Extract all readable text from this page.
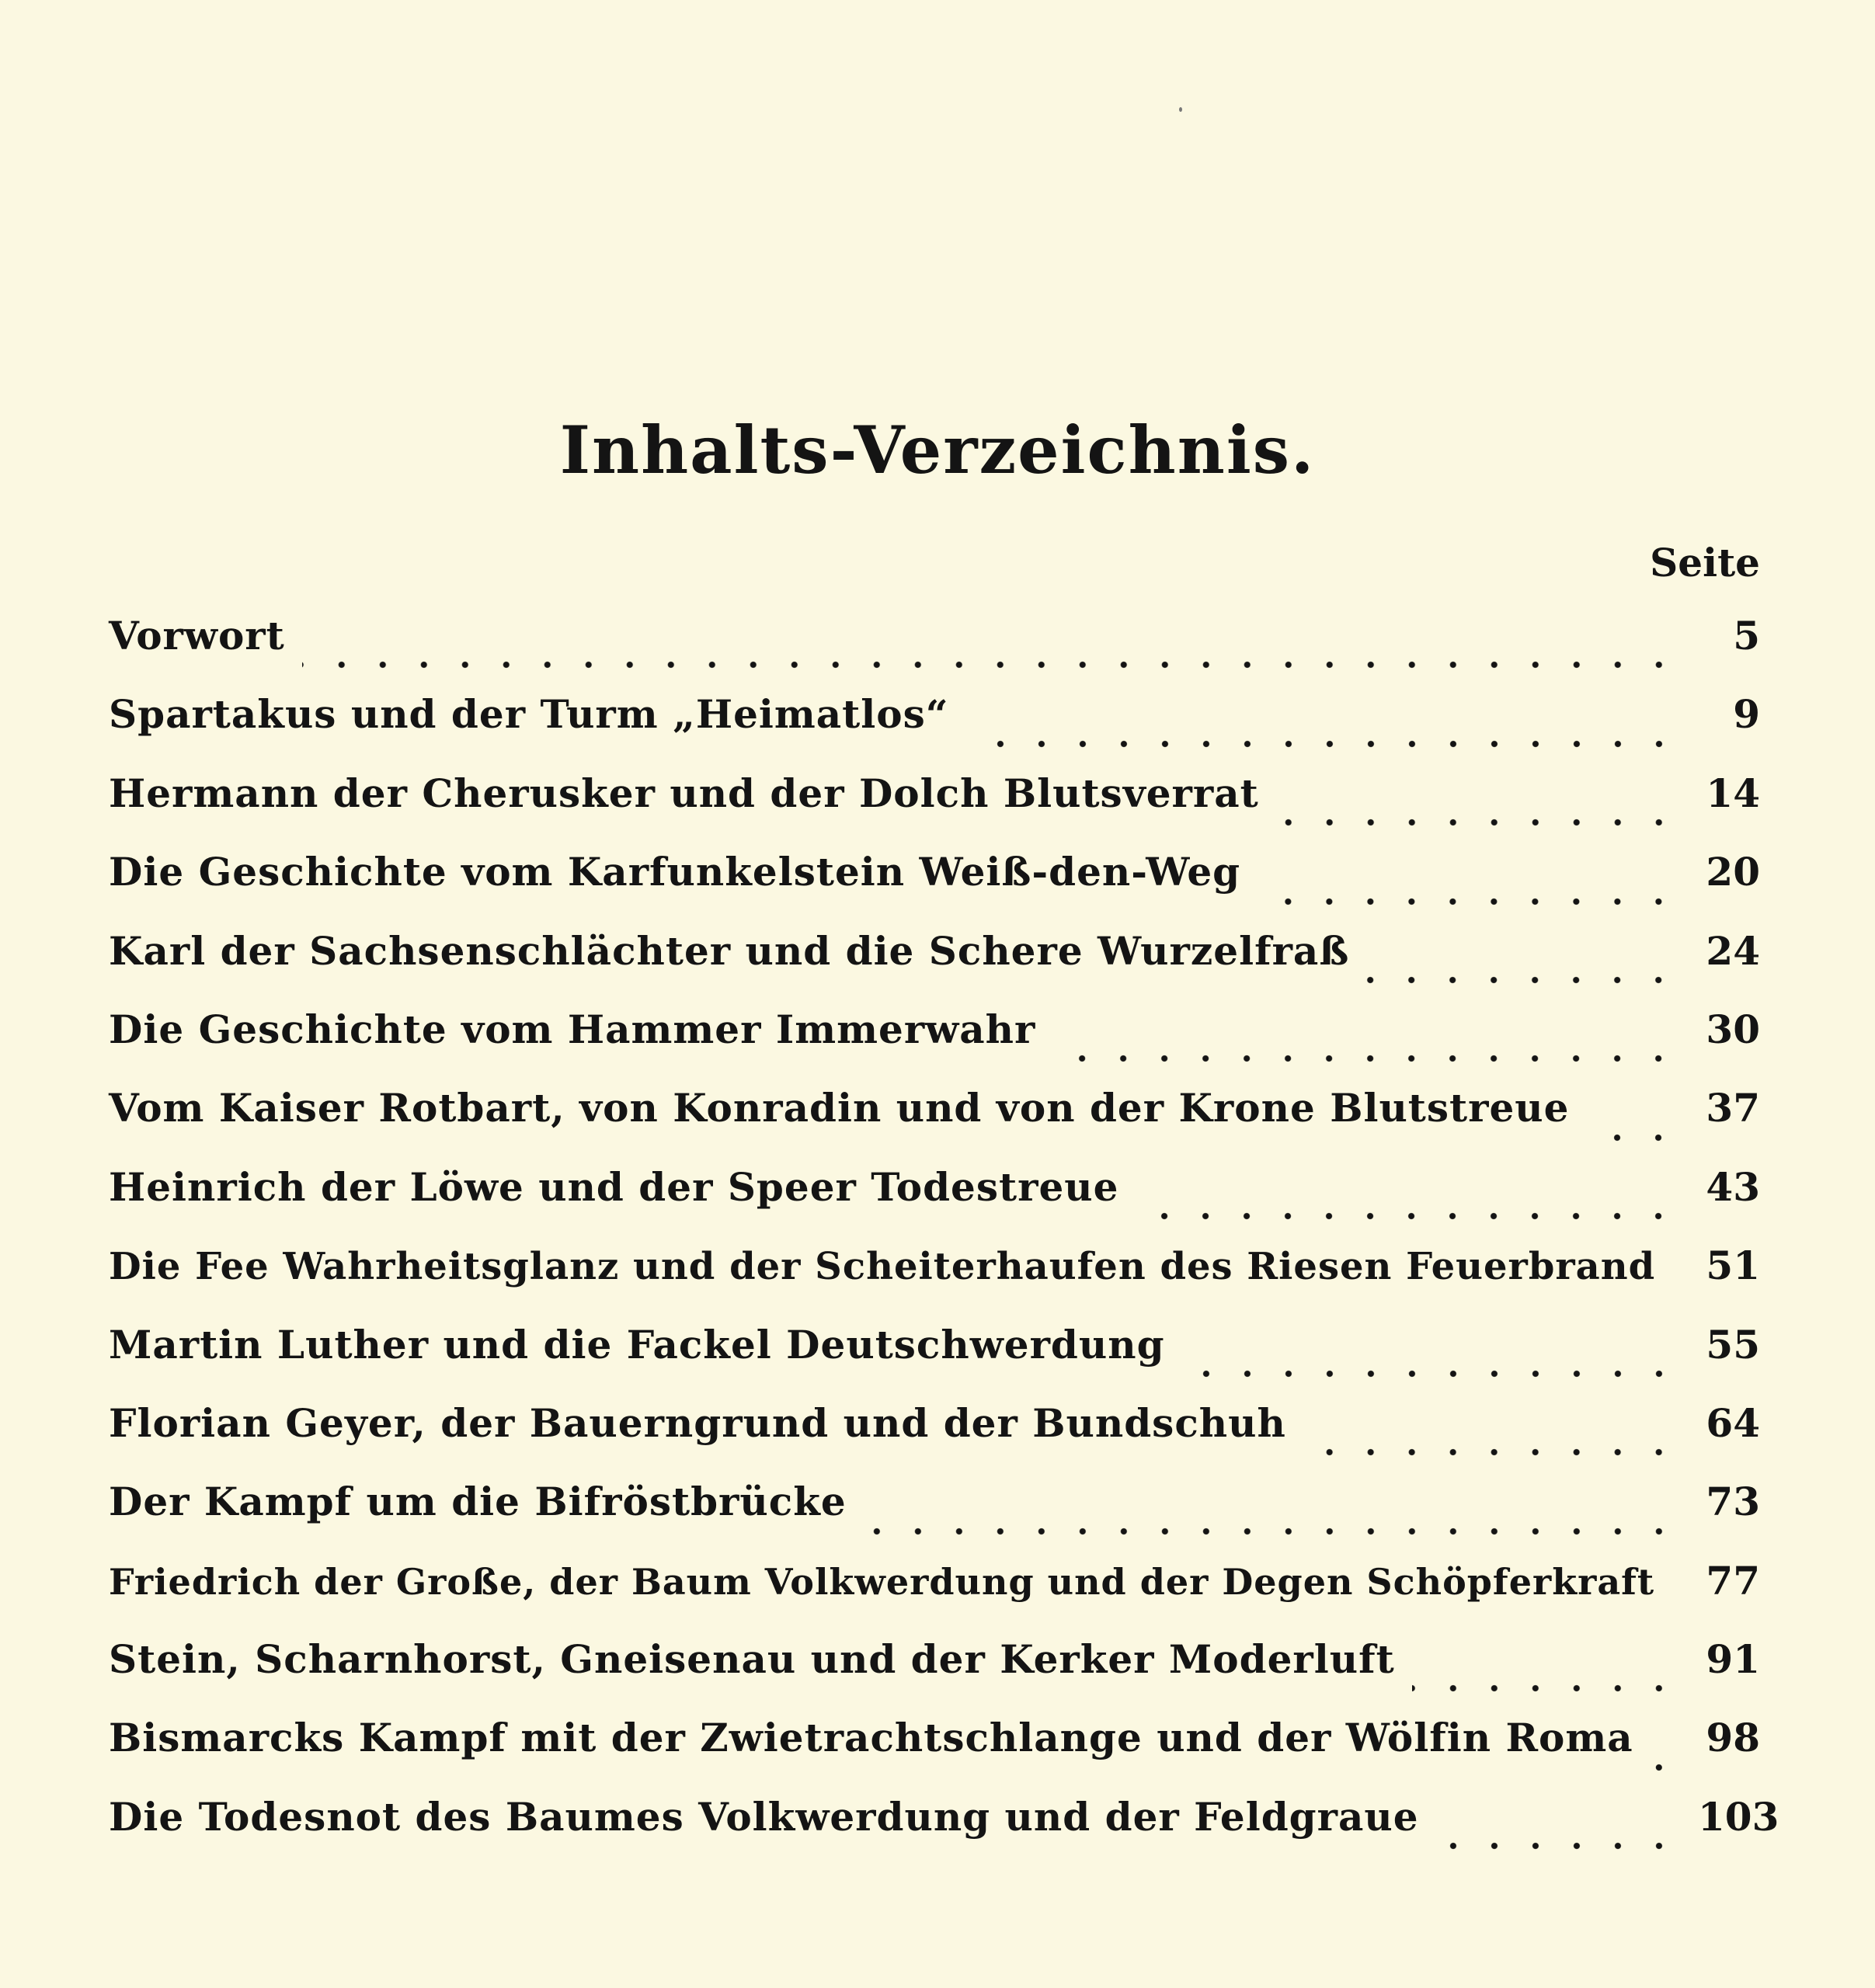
Inhalts-Verzeichnis.
Seite
Vorwort	5
Spartakus und der Turm „Heimatlos“	9
Hermann der Cherusker und der Dolch Blutsverrat	14
Die Geschichte vom Karfunkelstein Weiß-den-Weg	20
Karl der Sachsenschlächter und die Schere Wurzelfraß	24
Die Geschichte vom Hammer Immerwahr	30
Vom Kaiser Rotbart, von Konradin und von der Krone Blutstreue	37
Heinrich der Löwe und der Speer Todestreue	43
Die Fee Wahrheitsglanz und der Scheiterhaufen des Riesen Feuerbrand 51
Martin Luther und die Fackel Deutschwerdung	55
Florian Geyer, der Bauerngrund und der Bundschuh	64
Der Kampf um die Bifröstbrücke	73
Friedrich der Große, der Baum Volkwerdung und der Degen Schöpferkraft 77
Stein, Scharnhorst, Gneisenau und der Kerker Moderluft	91
Bismarcks Kampf mit der Zwietrachtschlange und der Wölfin Roma 98
Die Todesnot des Baumes Volkwerdung und der Feldgraue	103
